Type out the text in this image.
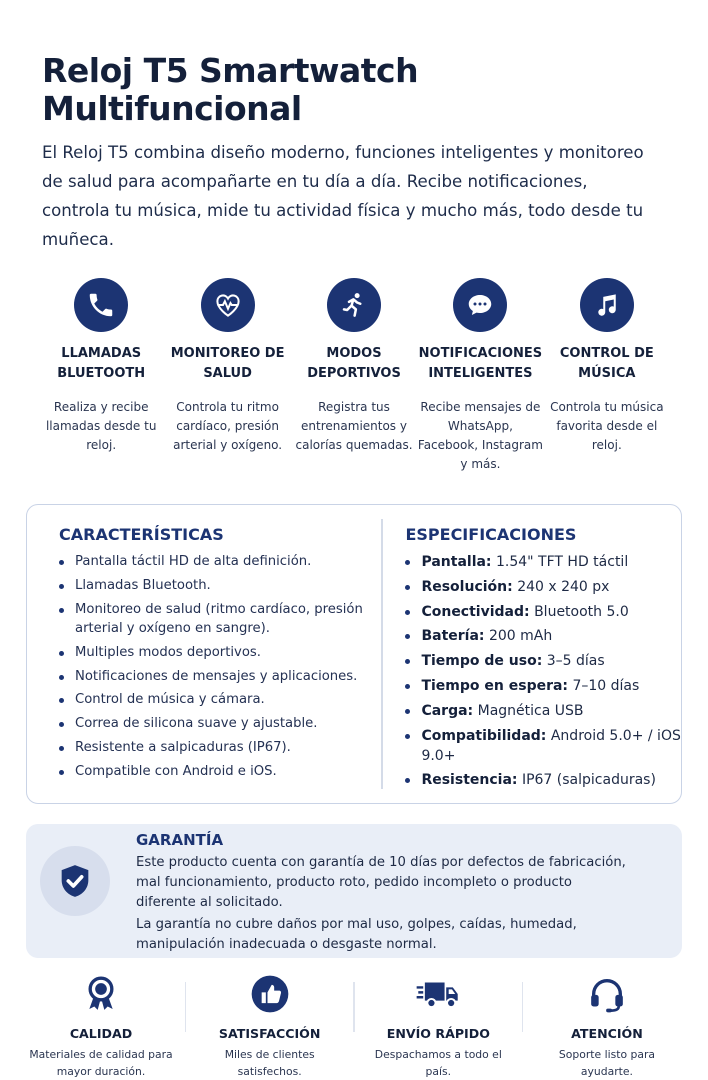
Reloj T5 Smartwatch Multifuncional

El Reloj T5 combina diseño moderno, funciones inteligentes y monitoreo de salud para acompañarte en tu día a día. Recibe notificaciones, controla tu música, mide tu actividad física y mucho más, todo desde tu muñeca.

LLAMADAS BLUETOOTH
Realiza y recibe llamadas desde tu reloj.
MONITOREO DE SALUD
Controla tu ritmo cardíaco, presión arterial y oxígeno.
MODOS DEPORTIVOS
Registra tus entrenamientos y calorías quemadas.
NOTIFICACIONES INTELIGENTES
Recibe mensajes de WhatsApp, Facebook, Instagram y más.
CONTROL DE MÚSICA
Controla tu música favorita desde el reloj.
CARACTERÍSTICAS
Pantalla táctil HD de alta definición.
Llamadas Bluetooth.
Monitoreo de salud (ritmo cardíaco, presión arterial y oxígeno en sangre).
Multiples modos deportivos.
Notificaciones de mensajes y aplicaciones.
Control de música y cámara.
Correa de silicona suave y ajustable.
Resistente a salpicaduras (IP67).
Compatible con Android e iOS.
ESPECIFICACIONES
Pantalla: 1.54" TFT HD táctil
Resolución: 240 x 240 px
Conectividad: Bluetooth 5.0
Batería: 200 mAh
Tiempo de uso: 3–5 días
Tiempo en espera: 7–10 días
Carga: Magnética USB
Compatibilidad: Android 5.0+ / iOS 9.0+
Resistencia: IP67 (salpicaduras)
GARANTÍA

Este producto cuenta con garantía de 10 días por defectos de fabricación, mal funcionamiento, producto roto, pedido incompleto o producto diferente al solicitado.

La garantía no cubre daños por mal uso, golpes, caídas, humedad, manipulación inadecuada o desgaste normal.

CALIDAD
Materiales de calidad para mayor duración.
SATISFACCIÓN
Miles de clientes satisfechos.
ENVÍO RÁPIDO
Despachamos a todo el país.
ATENCIÓN
Soporte listo para ayudarte.
